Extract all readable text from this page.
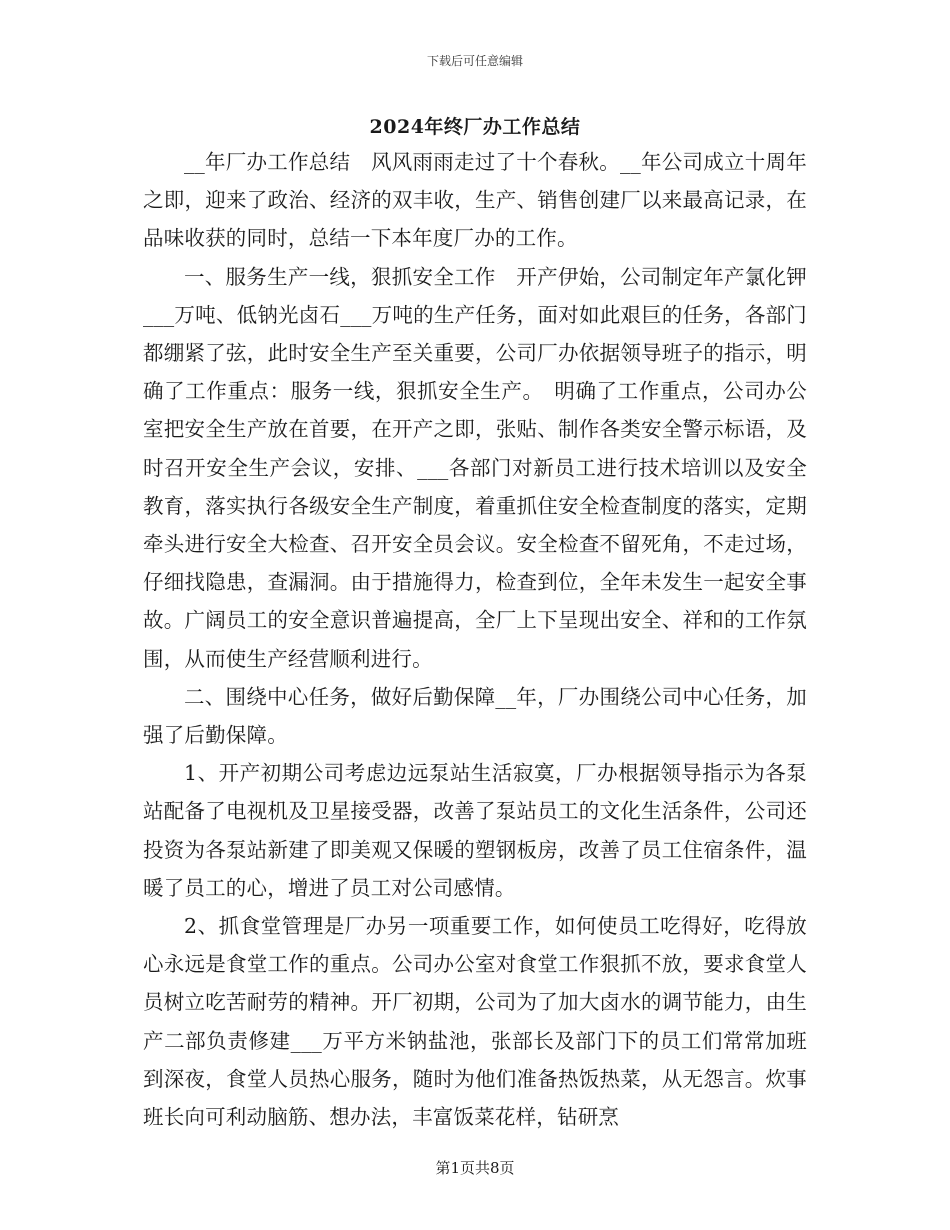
下载后可任意编辑
2024年终厂办工作总结

__年厂办工作总结　风风雨雨走过了十个春秋。__年公司成立十周年之即，迎来了政治、经济的双丰收，生产、销售创建厂以来最高记录，在品味收获的同时，总结一下本年度厂办的工作。

一、服务生产一线，狠抓安全工作　开产伊始，公司制定年产氯化钾___万吨、低钠光卤石___万吨的生产任务，面对如此艰巨的任务，各部门都绷紧了弦，此时安全生产至关重要，公司厂办依据领导班子的指示，明确了工作重点：服务一线，狠抓安全生产。　明确了工作重点，公司办公室把安全生产放在首要，在开产之即，张贴、制作各类安全警示标语，及时召开安全生产会议，安排、___各部门对新员工进行技术培训以及安全教育，落实执行各级安全生产制度，着重抓住安全检查制度的落实，定期牵头进行安全大检查、召开安全员会议。安全检查不留死角，不走过场，仔细找隐患，查漏洞。由于措施得力，检查到位，全年未发生一起安全事故。广阔员工的安全意识普遍提高，全厂上下呈现出安全、祥和的工作氛围，从而使生产经营顺利进行。

二、围绕中心任务，做好后勤保障__年，厂办围绕公司中心任务，加强了后勤保障。

1、开产初期公司考虑边远泵站生活寂寞，厂办根据领导指示为各泵站配备了电视机及卫星接受器，改善了泵站员工的文化生活条件，公司还投资为各泵站新建了即美观又保暖的塑钢板房，改善了员工住宿条件，温暖了员工的心，增进了员工对公司感情。

2、抓食堂管理是厂办另一项重要工作，如何使员工吃得好，吃得放心永远是食堂工作的重点。公司办公室对食堂工作狠抓不放，要求食堂人员树立吃苦耐劳的精神。开厂初期，公司为了加大卤水的调节能力，由生产二部负责修建___万平方米钠盐池，张部长及部门下的员工们常常加班到深夜，食堂人员热心服务，随时为他们准备热饭热菜，从无怨言。炊事班长向可利动脑筋、想办法，丰富饭菜花样，钻研烹

第1页共8页
